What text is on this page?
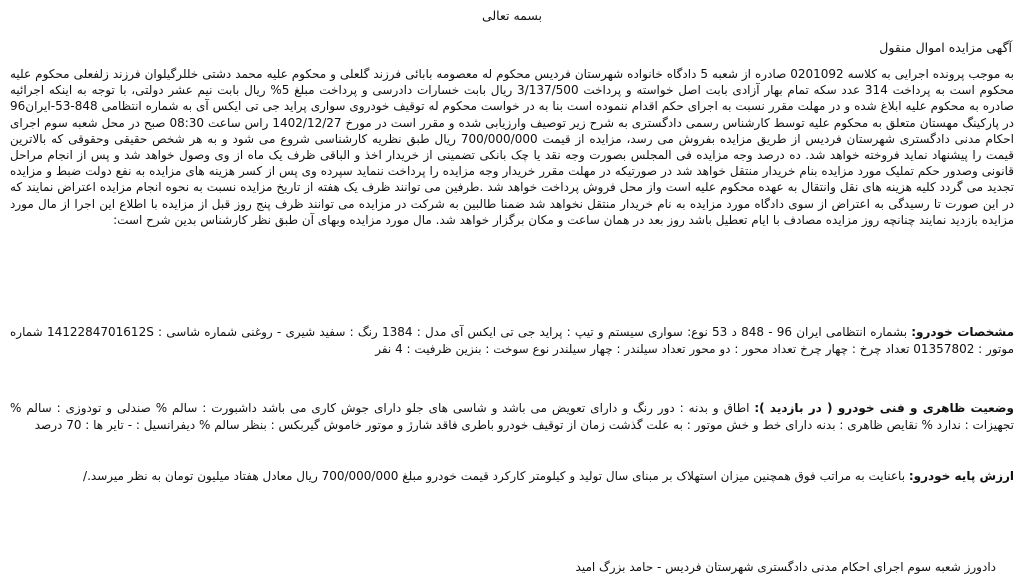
بسمه تعالی
آگهی مزایده اموال منقول
به موجب پرونده اجرایی به کلاسه 0201092 صادره از شعبه 5 دادگاه خانواده شهرستان فردیس محکوم له معصومه بابائی فرزند گلعلی و محکوم علیه محمد دشتی خللرگیلوان فرزند زلفعلی محکوم علیه محکوم است به پرداخت 314 عدد سکه تمام بهار آزادی بابت اصل خواسته و پرداخت 3/137/500 ریال بابت خسارات دادرسی و پرداخت مبلغ 5% ریال بابت نیم عشر دولتی، با توجه به اینکه اجرائیه صادره به محکوم علیه ابلاغ شده و در مهلت مقرر نسبت به اجرای حکم اقدام ننموده است بنا به در خواست محکوم له توقیف خودروی سواری پراید جی تی ایکس آی به شماره انتظامی 848-53-ایران96 در پارکینگ مهستان متعلق به محکوم علیه توسط کارشناس رسمی دادگستری به شرح زیر توصیف وارزیابی شده و مقرر است در مورخ 1402/12/27 راس ساعت 08:30 صبح در محل شعبه سوم اجرای احکام مدنی دادگستری شهرستان فردیس از طریق مزایده بفروش می رسد، مزایده از قیمت 700/000/000 ریال طبق نظریه کارشناسی شروع می شود و به هر شخص حقیقی وحقوقی که بالاترین قیمت را پیشنهاد نماید فروخته خواهد شد. ده درصد وجه مزایده فی المجلس بصورت وجه نقد یا چک بانکی تضمینی از خریدار اخذ و الباقی ظرف یک ماه از وی وصول خواهد شد و پس از انجام مراحل قانونی وصدور حکم تملیک مورد مزایده بنام خریدار منتقل خواهد شد در صورتیکه در مهلت مقرر خریدار وجه مزایده را پرداخت ننماید سپرده وی پس از کسر هزینه های مزایده به نفع دولت ضبط و مزایده تجدید می گردد کلیه هزینه های نقل وانتقال به عهده محکوم علیه است واز محل فروش پرداخت خواهد شد .طرفین می توانند ظرف یک هفته از تاریخ مزایده نسبت به نحوه انجام مزایده اعتراض نمایند که در این صورت تا رسیدگی به اعتراض از سوی دادگاه مورد مزایده به نام خریدار منتقل نخواهد شد ضمنا طالبین به شرکت در مزایده می توانند ظرف پنج روز قبل از مزایده با اطلاع این اجرا از مال مورد مزایده بازدید نمایند چنانچه روز مزایده مصادف با ایام تعطیل باشد روز بعد در همان ساعت و مکان برگزار خواهد شد. مال مورد مزایده وبهای آن طبق نظر کارشناس بدین شرح است:
مشخصات خودرو: بشماره انتظامی ایران 96 - 848 د 53 نوع: سواری سیستم و تیپ : پراید جی تی ایکس آی مدل : 1384 رنگ : سفید شیری - روغنی شماره شاسی : 1412284701612S شماره موتور : 01357802 تعداد چرخ : چهار چرخ تعداد محور : دو محور تعداد سیلندر : چهار سیلندر نوع سوخت : بنزین ظرفیت : 4 نفر
وضعیت ظاهری و فنی خودرو ( در بازدید ): اطاق و بدنه : دور رنگ و دارای تعویض می باشد و شاسی های جلو دارای جوش کاری می باشد داشبورت : سالم % صندلی و تودوزی : سالم % تجهیزات : ندارد % نقایص ظاهری : بدنه دارای خط و خش موتور : به علت گذشت زمان از توقیف خودرو باطری فاقد شارژ و موتور خاموش گیربکس : بنظر سالم % دیفرانسیل : - تایر ها : 70 درصد
ارزش پایه خودرو: باعنایت به مراتب فوق همچنین میزان استهلاک بر مبنای سال تولید و کیلومتر کارکرد قیمت خودرو مبلغ 700/000/000 ریال معادل هفتاد میلیون تومان به نظر میرسد./
دادورز شعبه سوم اجرای احکام مدنی دادگستری شهرستان فردیس - حامد بزرگ امید
